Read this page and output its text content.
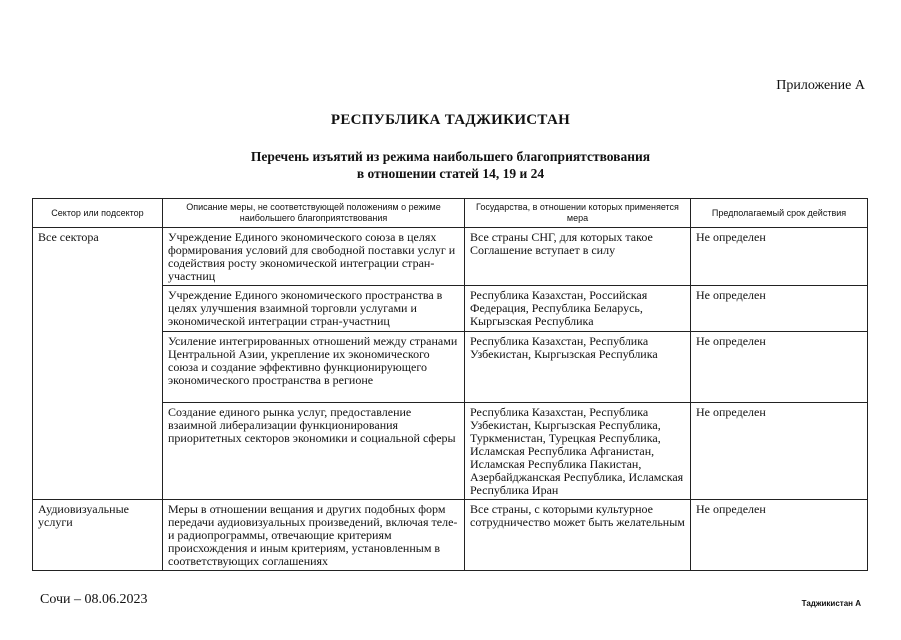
Приложение А
РЕСПУБЛИКА ТАДЖИКИСТАН
Перечень изъятий из режима наибольшего благоприятствования
в отношении статей 14, 19 и 24
Сектор или подсектор	Описание меры, не соответствующей положениям о режиме наибольшего благоприятствования	Государства, в отношении которых применяется мера	Предполагаемый срок действия
Все сектора	Учреждение Единого экономического союза в целях формирования условий для свободной поставки услуг и содействия росту экономической интеграции стран-участниц	Все страны СНГ, для которых такое Соглашение вступает в силу	Не определен
	Учреждение Единого экономического пространства в целях улучшения взаимной торговли услугами и экономической интеграции стран-участниц	Республика Казахстан, Российская Федерация, Республика Беларусь, Кыргызская Республика	Не определен
	Усиление интегрированных отношений между странами Центральной Азии, укрепление их экономического союза и создание эффективно функционирующего экономического пространства в регионе	Республика Казахстан, Республика Узбекистан, Кыргызская Республика	Не определен
	Создание единого рынка услуг, предоставление взаимной либерализации функционирования приоритетных секторов экономики и социальной сферы	Республика Казахстан, Республика Узбекистан, Кыргызская Республика, Туркменистан, Турецкая Республика, Исламская Республика Афганистан, Исламская Республика Пакистан, Азербайджанская Республика, Исламская Республика Иран	Не определен
Аудиовизуальные услуги	Меры в отношении вещания и других подобных форм передачи аудиовизуальных произведений, включая теле- и радиопрограммы, отвечающие критериям происхождения и иным критериям, установленным в соответствующих соглашениях	Все страны, с которыми культурное сотрудничество может быть желательным	Не определен
Сочи – 08.06.2023	Таджикистан А
